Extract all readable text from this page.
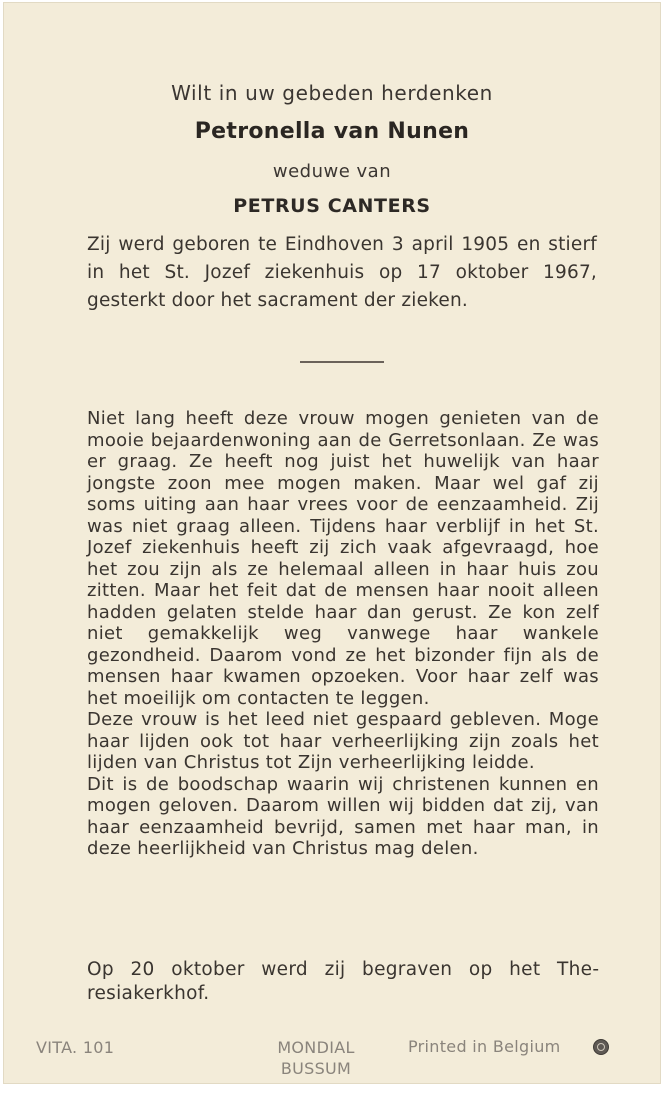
Wilt in uw gebeden herdenken
Petronella van Nunen
weduwe van
PETRUS CANTERS
Zij werd geboren te Eindhoven 3 april 1905 en stierf in het St. Jozef ziekenhuis op 17 oktober 1967, gesterkt door het sacrament der zieken.

Niet lang heeft deze vrouw mogen genieten van de mooie bejaardenwoning aan de Gerretsonlaan. Ze was er graag. Ze heeft nog juist het huwelijk van haar jongste zoon mee mogen maken. Maar wel gaf zij soms uiting aan haar vrees voor de eenzaamheid. Zij was niet graag alleen. Tijdens haar verblijf in het St. Jozef ziekenhuis heeft zij zich vaak afgevraagd, hoe het zou zijn als ze helemaal alleen in haar huis zou zitten. Maar het feit dat de mensen haar nooit alleen hadden gelaten stelde haar dan gerust. Ze kon zelf niet gemakkelijk weg vanwege haar wankele gezondheid. Daarom vond ze het bizonder fijn als de mensen haar kwamen opzoeken. Voor haar zelf was het moeilijk om contacten te leggen.

Deze vrouw is het leed niet gespaard gebleven. Moge haar lijden ook tot haar verheerlijking zijn zoals het lijden van Christus tot Zijn verheerlijking leidde.

Dit is de boodschap waarin wij christenen kunnen en mogen geloven. Daarom willen wij bidden dat zij, van haar eenzaamheid bevrijd, samen met haar man, in deze heerlijkheid van Christus mag delen.

Op 20 oktober werd zij begraven op het Theresiakerkhof.
VITA. 101	MONDIAL
BUSSUM
Printed in Belgium
